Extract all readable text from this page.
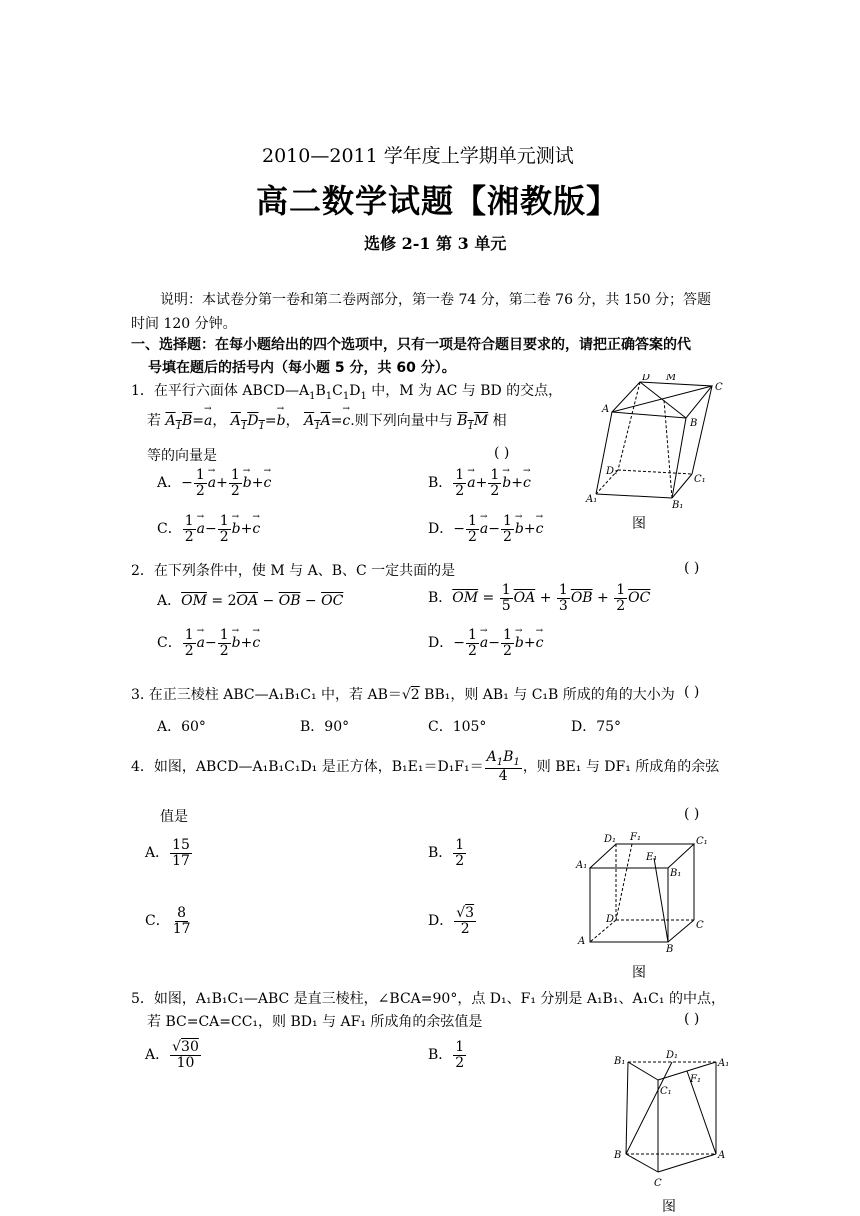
2010—2011 学年度上学期单元测试
高二数学试题【湘教版】
选修 2-1 第 3 单元
说明：本试卷分第一卷和第二卷两部分，第一卷 74 分，第二卷 76 分，共 150 分；答题
时间 120 分钟。
一、选择题：在每小题给出的四个选项中，只有一项是符合题目要求的，请把正确答案的代
号填在题后的括号内（每小题 5 分，共 60 分）。
1．在平行六面体 $ABCD—A_1B_1C_1D_1$ 中，M 为 AC 与 BD 的交点，
若 $A_1B=\to a$， $A_1D_1=\to b$， $A_1A=\to c$.则下列向量中与 $B_1M$ 相
等的向量是	( )
A．− $\frac{1}{2} \to a+ \frac{1}{2} \to b+\to c$	B． $\frac{1}{2} \to a+ \frac{1}{2} \to b+\to c$
C． $\frac{1}{2} \to a- \frac{1}{2} \to b+\to c$	D．− $\frac{1}{2} \to a- \frac{1}{2} \to b+\to c$
D M
C
A
B
D₁
C₁
A₁
B₁
图
2．在下列条件中，使 M 与 A、B、C 一定共面的是	( )
A．$\overline{OM} = 2\overline{OA} - \overline{OB} - \overline{OC}$	B．$\overline{OM} = \frac{1}{5} \overline{OA} + \frac{1}{3} \overline{OB} + \frac{1}{2} \overline{OC}$
C． $\frac{1}{2} \to a- \frac{1}{2} \to b+\to c$	D．− $\frac{1}{2} \to a- \frac{1}{2} \to b+\to c$
3. 在正三棱柱 ABC—A₁B₁C₁ 中，若 AB＝√2 BB₁，则 AB₁ 与 C₁B 所成的角的大小为 ( )
A．60°	B．90°	C．105°	D．75°
4．如图，ABCD—A₁B₁C₁D₁ 是正方体，$B_1E_1=D_1F_1= \frac{A_1B_1}{4}$ ，则 BE₁ 与 DF₁ 所成角的余弦
值是	( )
A． $\frac{15}{17}$	B． $\frac{1}{2}$
C． $\frac{8}{17}$	D． $\frac{√3}{2}$
D₁ F₁	C₁
A₁
E₁
B₁
D
C
A
B
图
5．如图，A₁B₁C₁—ABC 是直三棱柱，∠BCA=90°，点 D₁、F₁ 分别是 A₁B₁、A₁C₁ 的中点，
若 BC=CA=CC₁，则 BD₁ 与 AF₁ 所成角的余弦值是	( )
A． $\frac{√30}{10}$	B． $\frac{1}{2}$	B₁
D₁
A₁
F₁
C₁
B	A
C
图
